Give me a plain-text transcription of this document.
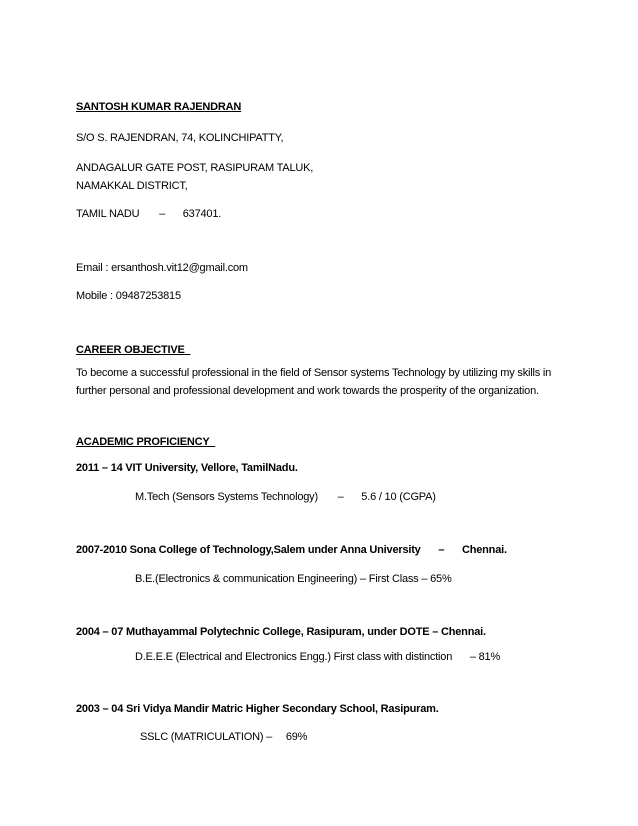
SANTOSH KUMAR RAJENDRAN
S/O S. RAJENDRAN, 74, KOLINCHIPATTY,
ANDAGALUR GATE POST, RASIPURAM TALUK,
NAMAKKAL DISTRICT,
TAMIL NADU – 637401.
Email : ersanthosh.vit12@gmail.com
Mobile : 09487253815
CAREER OBJECTIVE
To become a successful professional in the field of Sensor systems Technology by utilizing my skills in
further personal and professional development and work towards the prosperity of the organization.
ACADEMIC PROFICIENCY
2011 – 14 VIT University, Vellore, TamilNadu.
M.Tech (Sensors Systems Technology) – 5.6 / 10 (CGPA)
2007-2010 Sona College of Technology,Salem under Anna University – Chennai.
B.E.(Electronics & communication Engineering) – First Class – 65%
2004 – 07 Muthayammal Polytechnic College, Rasipuram, under DOTE – Chennai.
D.E.E.E (Electrical and Electronics Engg.) First class with distinction – 81%
2003 – 04 Sri Vidya Mandir Matric Higher Secondary School, Rasipuram.
SSLC (MATRICULATION) – 69%
